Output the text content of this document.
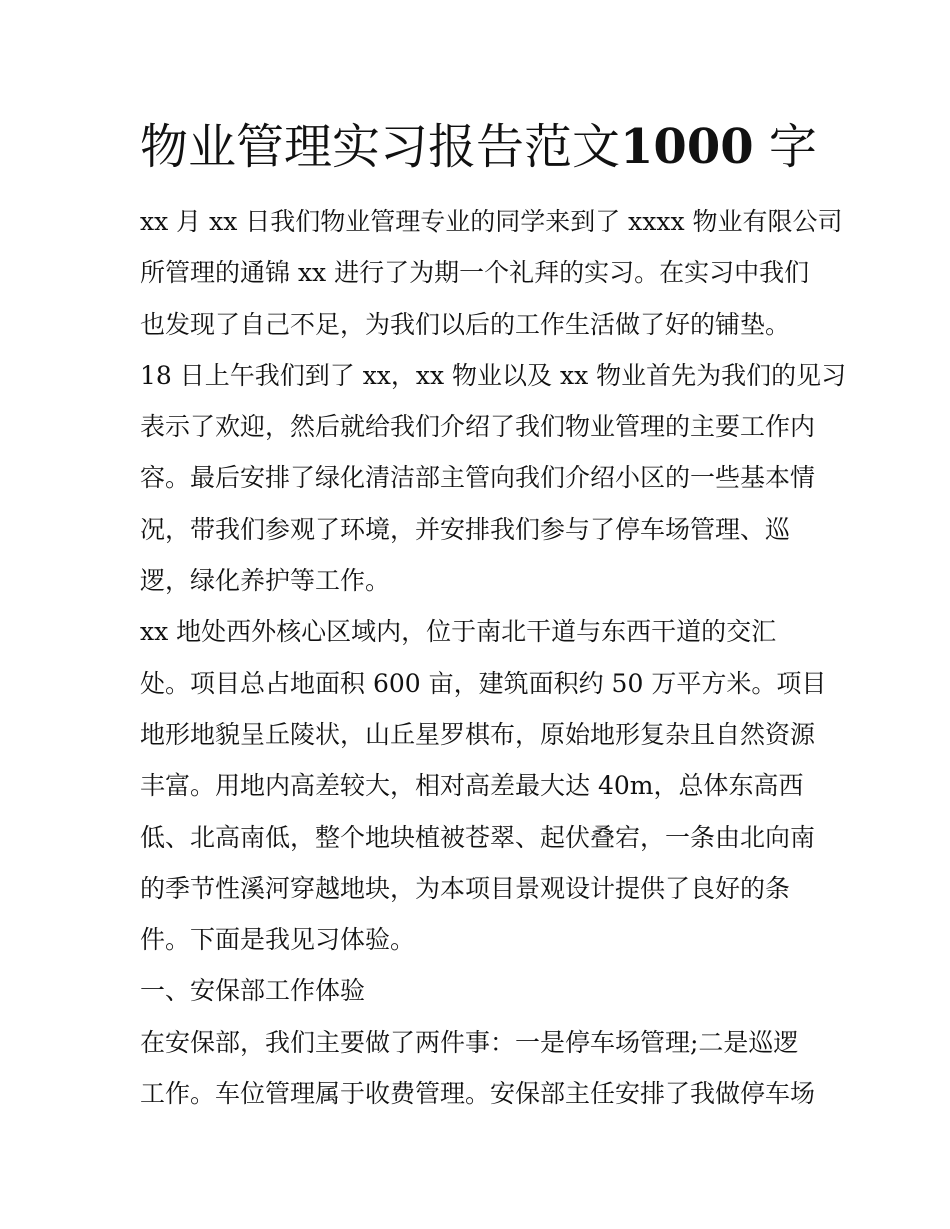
物业管理实习报告范文1000 字

xx 月 xx 日我们物业管理专业的同学来到了 xxxx 物业有限公司

所管理的通锦 xx 进行了为期一个礼拜的实习。在实习中我们

也发现了自己不足，为我们以后的工作生活做了好的铺垫。

18 日上午我们到了 xx，xx 物业以及 xx 物业首先为我们的见习

表示了欢迎，然后就给我们介绍了我们物业管理的主要工作内

容。最后安排了绿化清洁部主管向我们介绍小区的一些基本情

况，带我们参观了环境，并安排我们参与了停车场管理、巡

逻，绿化养护等工作。

xx 地处西外核心区域内，位于南北干道与东西干道的交汇

处。项目总占地面积 600 亩，建筑面积约 50 万平方米。项目

地形地貌呈丘陵状，山丘星罗棋布，原始地形复杂且自然资源

丰富。用地内高差较大，相对高差最大达 40m，总体东高西

低、北高南低，整个地块植被苍翠、起伏叠宕，一条由北向南

的季节性溪河穿越地块，为本项目景观设计提供了良好的条

件。下面是我见习体验。

一、安保部工作体验

在安保部，我们主要做了两件事：一是停车场管理;二是巡逻

工作。车位管理属于收费管理。安保部主任安排了我做停车场
